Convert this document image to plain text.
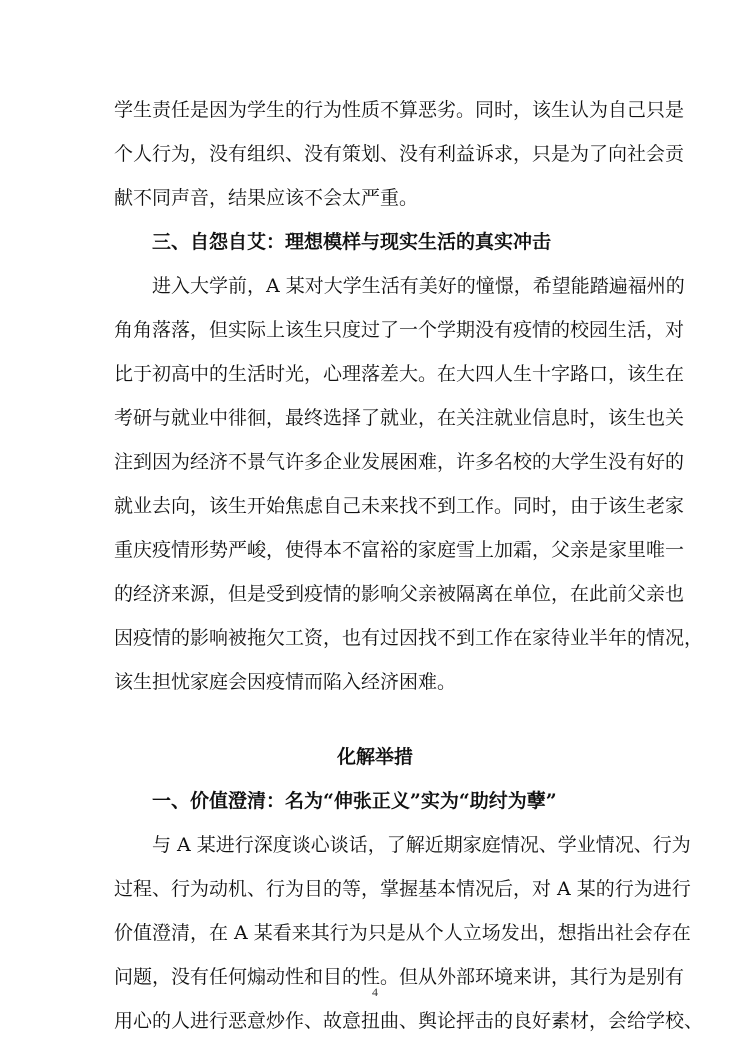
学生责任是因为学生的行为性质不算恶劣。同时，该生认为自己只是
个人行为，没有组织、没有策划、没有利益诉求，只是为了向社会贡
献不同声音，结果应该不会太严重。
三、自怨自艾：理想模样与现实生活的真实冲击
进入大学前，A 某对大学生活有美好的憧憬，希望能踏遍福州的
角角落落，但实际上该生只度过了一个学期没有疫情的校园生活，对
比于初高中的生活时光，心理落差大。在大四人生十字路口，该生在
考研与就业中徘徊，最终选择了就业，在关注就业信息时，该生也关
注到因为经济不景气许多企业发展困难，许多名校的大学生没有好的
就业去向，该生开始焦虑自己未来找不到工作。同时，由于该生老家
重庆疫情形势严峻，使得本不富裕的家庭雪上加霜，父亲是家里唯一
的经济来源，但是受到疫情的影响父亲被隔离在单位，在此前父亲也
因疫情的影响被拖欠工资，也有过因找不到工作在家待业半年的情况，
该生担忧家庭会因疫情而陷入经济困难。
化解举措
一、价值澄清：名为“伸张正义”实为“助纣为孽”
与 A 某进行深度谈心谈话，了解近期家庭情况、学业情况、行为
过程、行为动机、行为目的等，掌握基本情况后，对 A 某的行为进行
价值澄清，在 A 某看来其行为只是从个人立场发出，想指出社会存在
问题，没有任何煽动性和目的性。但从外部环境来讲，其行为是别有
用心的人进行恶意炒作、故意扭曲、舆论抨击的良好素材，会给学校、
4
